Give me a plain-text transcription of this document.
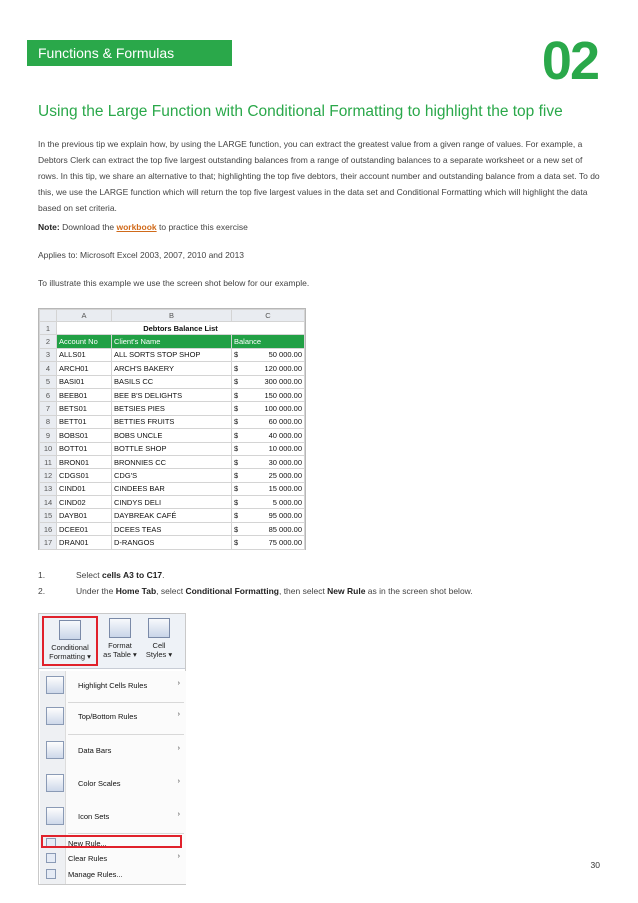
Functions & Formulas	02
Using the Large Function with Conditional Formatting to highlight the top five
In the previous tip we explain how, by using the LARGE function, you can extract the greatest value from a given range of values. For example, a Debtors Clerk can extract the top five largest outstanding balances from a range of outstanding balances to a separate worksheet or a new set of rows. In this tip, we share an alternative to that; highlighting the top five debtors, their account number and outstanding balance from a data set. To do this, we use the LARGE function which will return the top five largest values in the data set and Conditional Formatting which will highlight the data based on set criteria.
Note: Download the workbook to practice this exercise
Applies to: Microsoft Excel 2003, 2007, 2010 and 2013
To illustrate this example we use the screen shot below for our example.
	A	B	C	
1	Debtors Balance List			
2	Account No	Client's Name	Balance	
3	ALLS01	ALL SORTS STOP SHOP	$	50 000.00
4	ARCH01	ARCH'S BAKERY	$	120 000.00
5	BASI01	BASILS CC	$	300 000.00
6	BEEB01	BEE B'S DELIGHTS	$	150 000.00
7	BETS01	BETSIES PIES	$	100 000.00
8	BETT01	BETTIES FRUITS	$	60 000.00
9	BOBS01	BOBS UNCLE	$	40 000.00
10	BOTT01	BOTTLE SHOP	$	10 000.00
11	BRON01	BRONNIES CC	$	30 000.00
12	CDGS01	CDG'S	$	25 000.00
13	CIND01	CINDEES BAR	$	15 000.00
14	CIND02	CINDYS DELI	$	5 000.00
15	DAYB01	DAYBREAK CAFÉ	$	95 000.00
16	DCEE01	DCEES TEAS	$	85 000.00
17	DRAN01	D-RANGOS	$	75 000.00
1.	Select cells A3 to C17.
2.	Under the Home Tab, select Conditional Formatting, then select New Rule as in the screen shot below.
Conditional
Formatting ▾
Format
as Table ▾
Cell
Styles ▾
Highlight Cells Rules	›
Top/Bottom Rules	›
Data Bars	›
Color Scales	›
Icon Sets	›
New Rule...
Clear Rules	›
Manage Rules...
30
